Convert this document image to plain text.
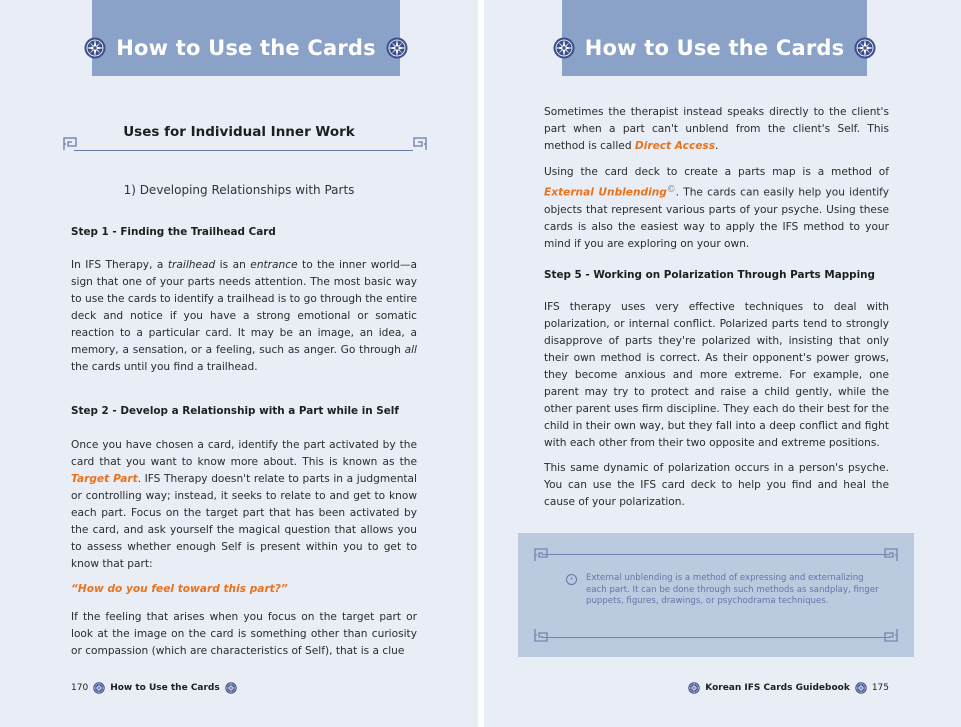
How to Use the Cards
Uses for Individual Inner Work
1) Developing Relationships with Parts

Step 1 - Finding the Trailhead Card

In IFS Therapy, a trailhead is an entrance to the inner world—a sign that one of your parts needs attention. The most basic way to use the cards to identify a trailhead is to go through the entire deck and notice if you have a strong emotional or somatic reaction to a particular card. It may be an image, an idea, a memory, a sensation, or a feeling, such as anger. Go through all the cards until you find a trailhead.

Step 2 - Develop a Relationship with a Part while in Self

Once you have chosen a card, identify the part activated by the card that you want to know more about. This is known as the Target Part. IFS Therapy doesn't relate to parts in a judgmental or controlling way; instead, it seeks to relate to and get to know each part. Focus on the target part that has been activated by the card, and ask yourself the magical question that allows you to assess whether enough Self is present within you to get to know that part:

“How do you feel toward this part?”

If the feeling that arises when you focus on the target part or look at the image on the card is something other than curiosity or compassion (which are characteristics of Self), that is a clue

170 How to Use the Cards
How to Use the Cards

Sometimes the therapist instead speaks directly to the client's part when a part can't unblend from the client's Self. This method is called Direct Access.

Using the card deck to create a parts map is a method of External UnblendingⒸ. The cards can easily help you identify objects that represent various parts of your psyche. Using these cards is also the easiest way to apply the IFS method to your mind if you are exploring on your own.

Step 5 - Working on Polarization Through Parts Mapping

IFS therapy uses very effective techniques to deal with polarization, or internal conflict. Polarized parts tend to strongly disapprove of parts they're polarized with, insisting that only their own method is correct. As their opponent's power grows, they become anxious and more extreme. For example, one parent may try to protect and raise a child gently, while the other parent uses firm discipline. They each do their best for the child in their own way, but they fall into a deep conflict and fight with each other from their two opposite and extreme positions.

This same dynamic of polarization occurs in a person's psyche. You can use the IFS card deck to help you find and heal the cause of your polarization.

•	External unblending is a method of expressing and externalizing each part. It can be done through such methods as sandplay, finger puppets, figures, drawings, or psychodrama techniques.

Korean IFS Cards Guidebook 175
